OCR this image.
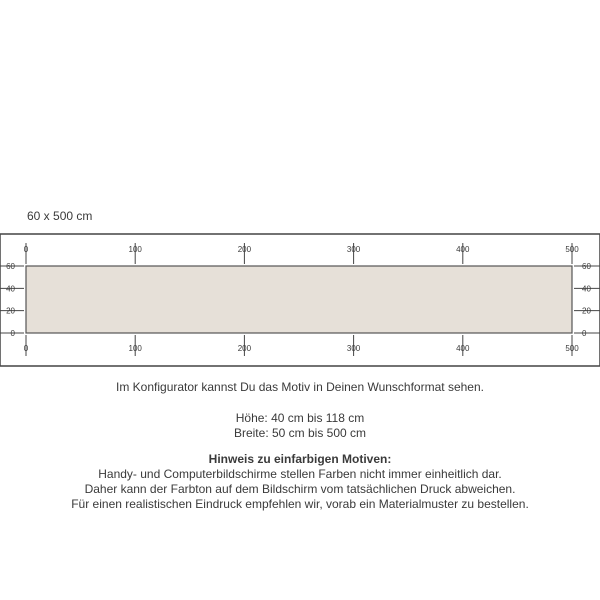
60 x 500 cm
0	100	200	300	400	500
0	100	200	300	400	500
60
40
20
0
60
40
20
0
Im Konfigurator kannst Du das Motiv in Deinen Wunschformat sehen.
Höhe: 40 cm bis 118 cm
Breite: 50 cm bis 500 cm
Hinweis zu einfarbigen Motiven:
Handy- und Computerbildschirme stellen Farben nicht immer einheitlich dar.
Daher kann der Farbton auf dem Bildschirm vom tatsächlichen Druck abweichen.
Für einen realistischen Eindruck empfehlen wir, vorab ein Materialmuster zu bestellen.
